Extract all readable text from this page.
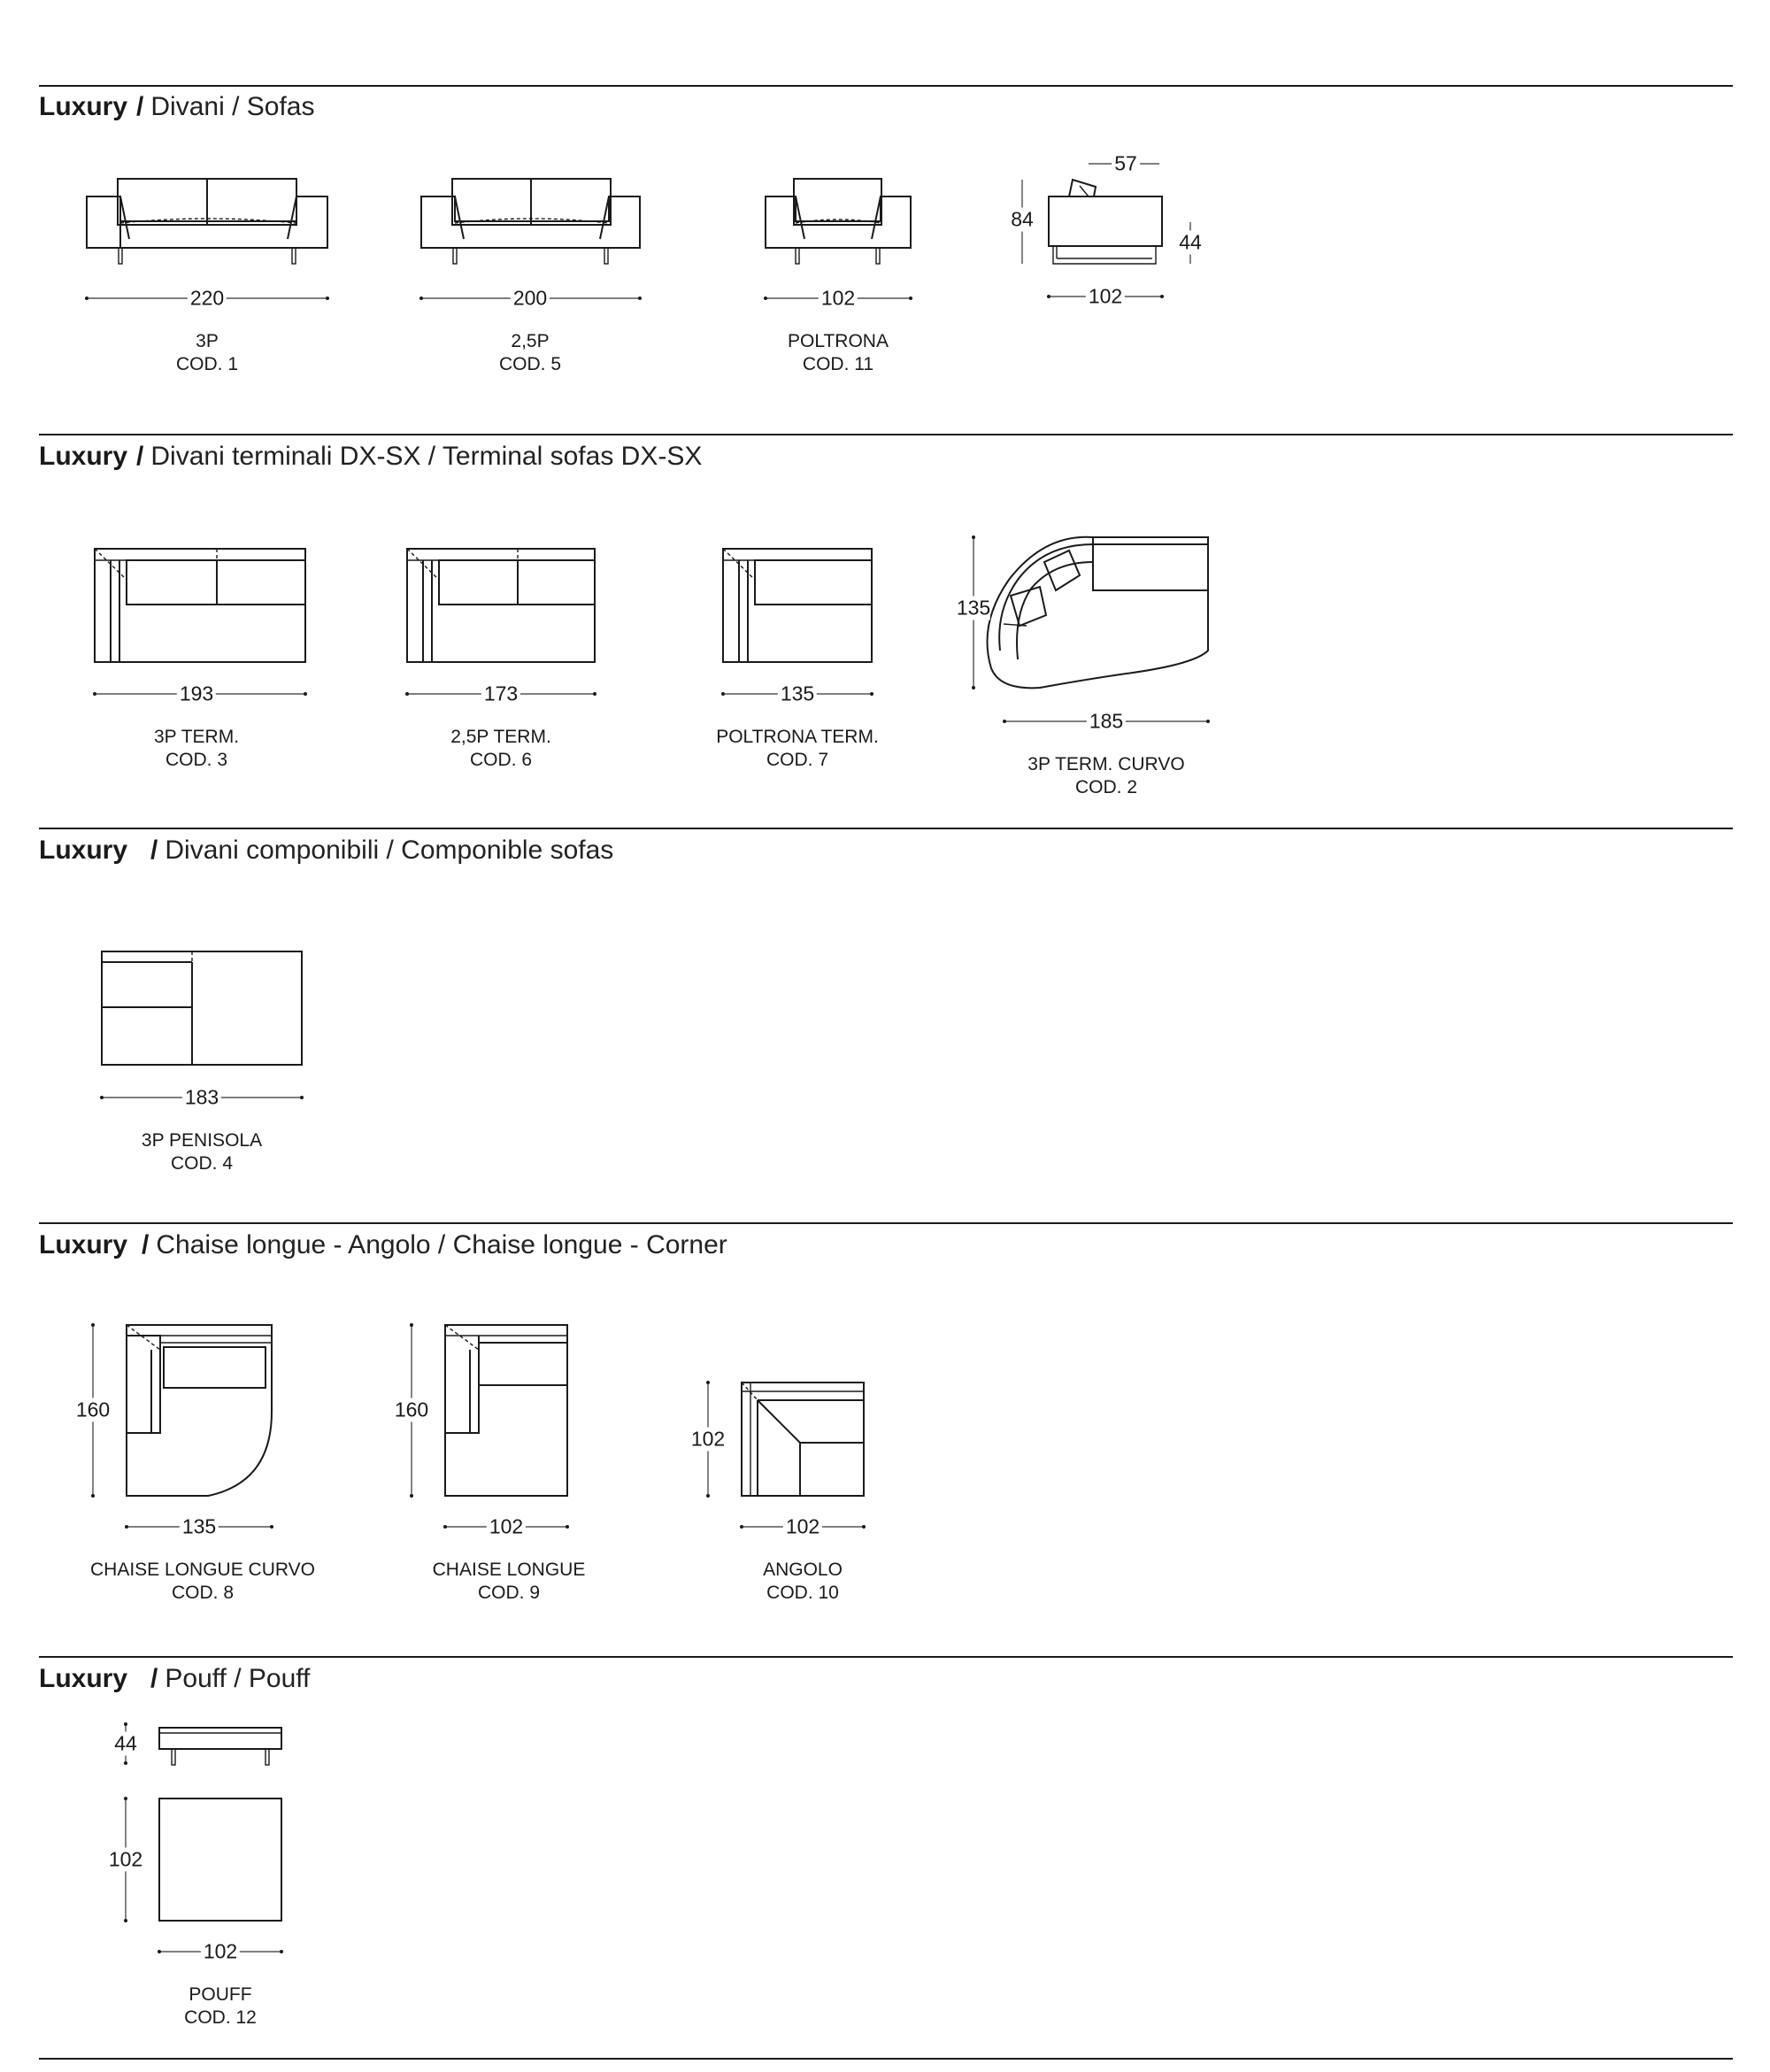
Luxury / Divani / Sofas
220
3P
COD. 1
200
2,5P
COD. 5
102
POLTRONA
COD. 11
57
84
44
102
Luxury / Divani terminali DX-SX / Terminal sofas DX-SX
193
3P TERM.
COD. 3
173
2,5P TERM.
COD. 6
135
POLTRONA TERM.
COD. 7
135
185
3P TERM. CURVO
COD. 2
Luxury / Divani componibili / Componible sofas
183
3P PENISOLA
COD. 4
Luxury / Chaise longue - Angolo / Chaise longue - Corner
160
135
CHAISE LONGUE CURVO
COD. 8
160
102
CHAISE LONGUE
COD. 9
102
102
ANGOLO
COD. 10
Luxury / Pouff / Pouff
44
102
102
POUFF
COD. 12
